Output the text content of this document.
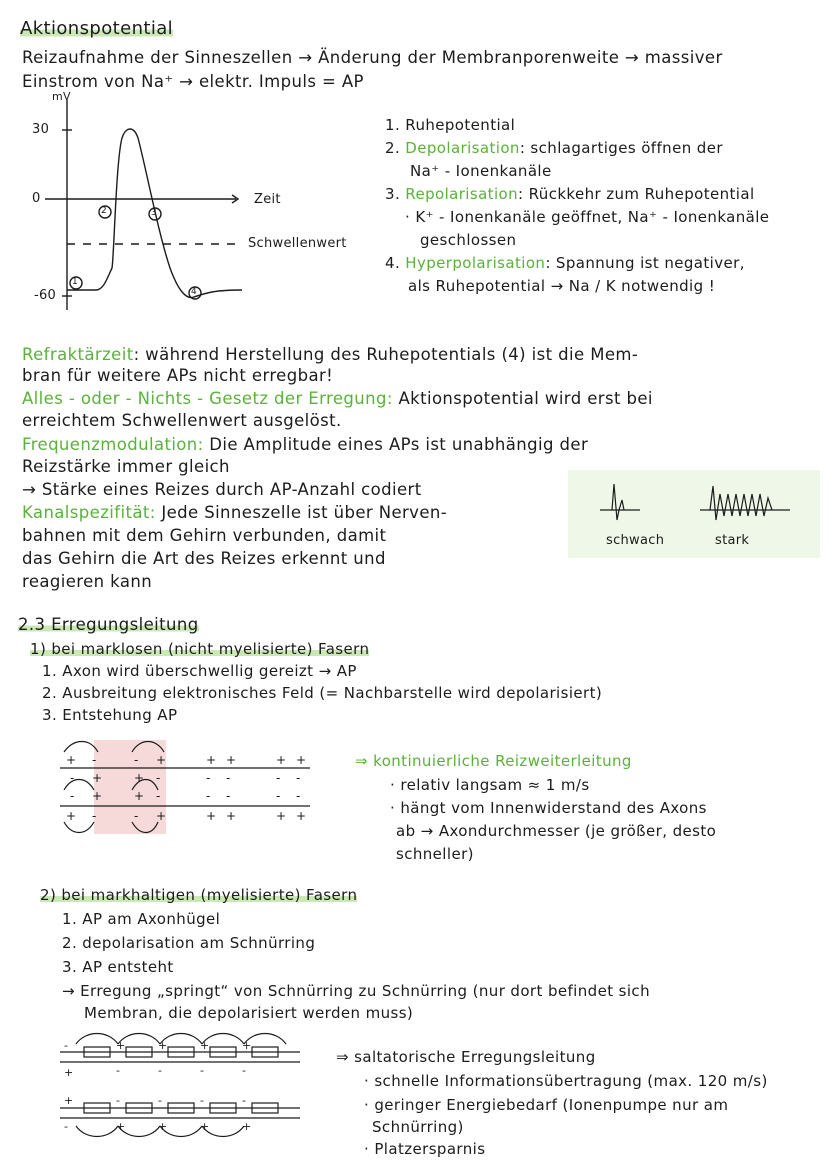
Aktionspotential
Reizaufnahme der Sinneszellen → Änderung der Membranporenweite → massiver
Einstrom von Na⁺ → elektr. Impuls = AP
mV
30
0
-60
Zeit
Schwellenwert
1
2	3
4
1. Ruhepotential
2. Depolarisation: schlagartiges öffnen der
Na⁺ - Ionenkanäle
3. Repolarisation: Rückkehr zum Ruhepotential
· K⁺ - Ionenkanäle geöffnet, Na⁺ - Ionenkanäle
geschlossen
4. Hyperpolarisation: Spannung ist negativer,
als Ruhepotential → Na / K notwendig !
Refraktärzeit: während Herstellung des Ruhepotentials (4) ist die Mem-
bran für weitere APs nicht erregbar!
Alles - oder - Nichts - Gesetz der Erregung: Aktionspotential wird erst bei
erreichtem Schwellenwert ausgelöst.
Frequenzmodulation: Die Amplitude eines APs ist unabhängig der
Reizstärke immer gleich
→ Stärke eines Reizes durch AP-Anzahl codiert
Kanalspezifität: Jede Sinneszelle ist über Nerven-
bahnen mit dem Gehirn verbunden, damit
das Gehirn die Art des Reizes erkennt und
reagieren kann
schwach	stark
2.3 Erregungsleitung
1) bei marklosen (nicht myelisierte) Fasern
1. Axon wird überschwellig gereizt → AP
2. Ausbreitung elektronisches Feld (= Nachbarstelle wird depolarisiert)
3. Entstehung AP
+ -	- +	+ +	+ +
- +	+ -	- -	- -
- +	+ -	- -	- -
+ -	- +	+ +	+ +
⇒ kontinuierliche Reizweiterleitung
· relativ langsam ≈ 1 m/s
· hängt vom Innenwiderstand des Axons
ab → Axondurchmesser (je größer, desto
schneller)
2) bei markhaltigen (myelisierte) Fasern
1. AP am Axonhügel
2. depolarisation am Schnürring
3. AP entsteht
→ Erregung „springt“ von Schnürring zu Schnürring (nur dort befindet sich
Membran, die depolarisiert werden muss)
-
+
+
-
+
-
+
-
+
-
+
-
-
+
-
+
-
+
-
+
⇒ saltatorische Erregungsleitung
· schnelle Informationsübertragung (max. 120 m/s)
· geringer Energiebedarf (Ionenpumpe nur am
Schnürring)
· Platzersparnis
